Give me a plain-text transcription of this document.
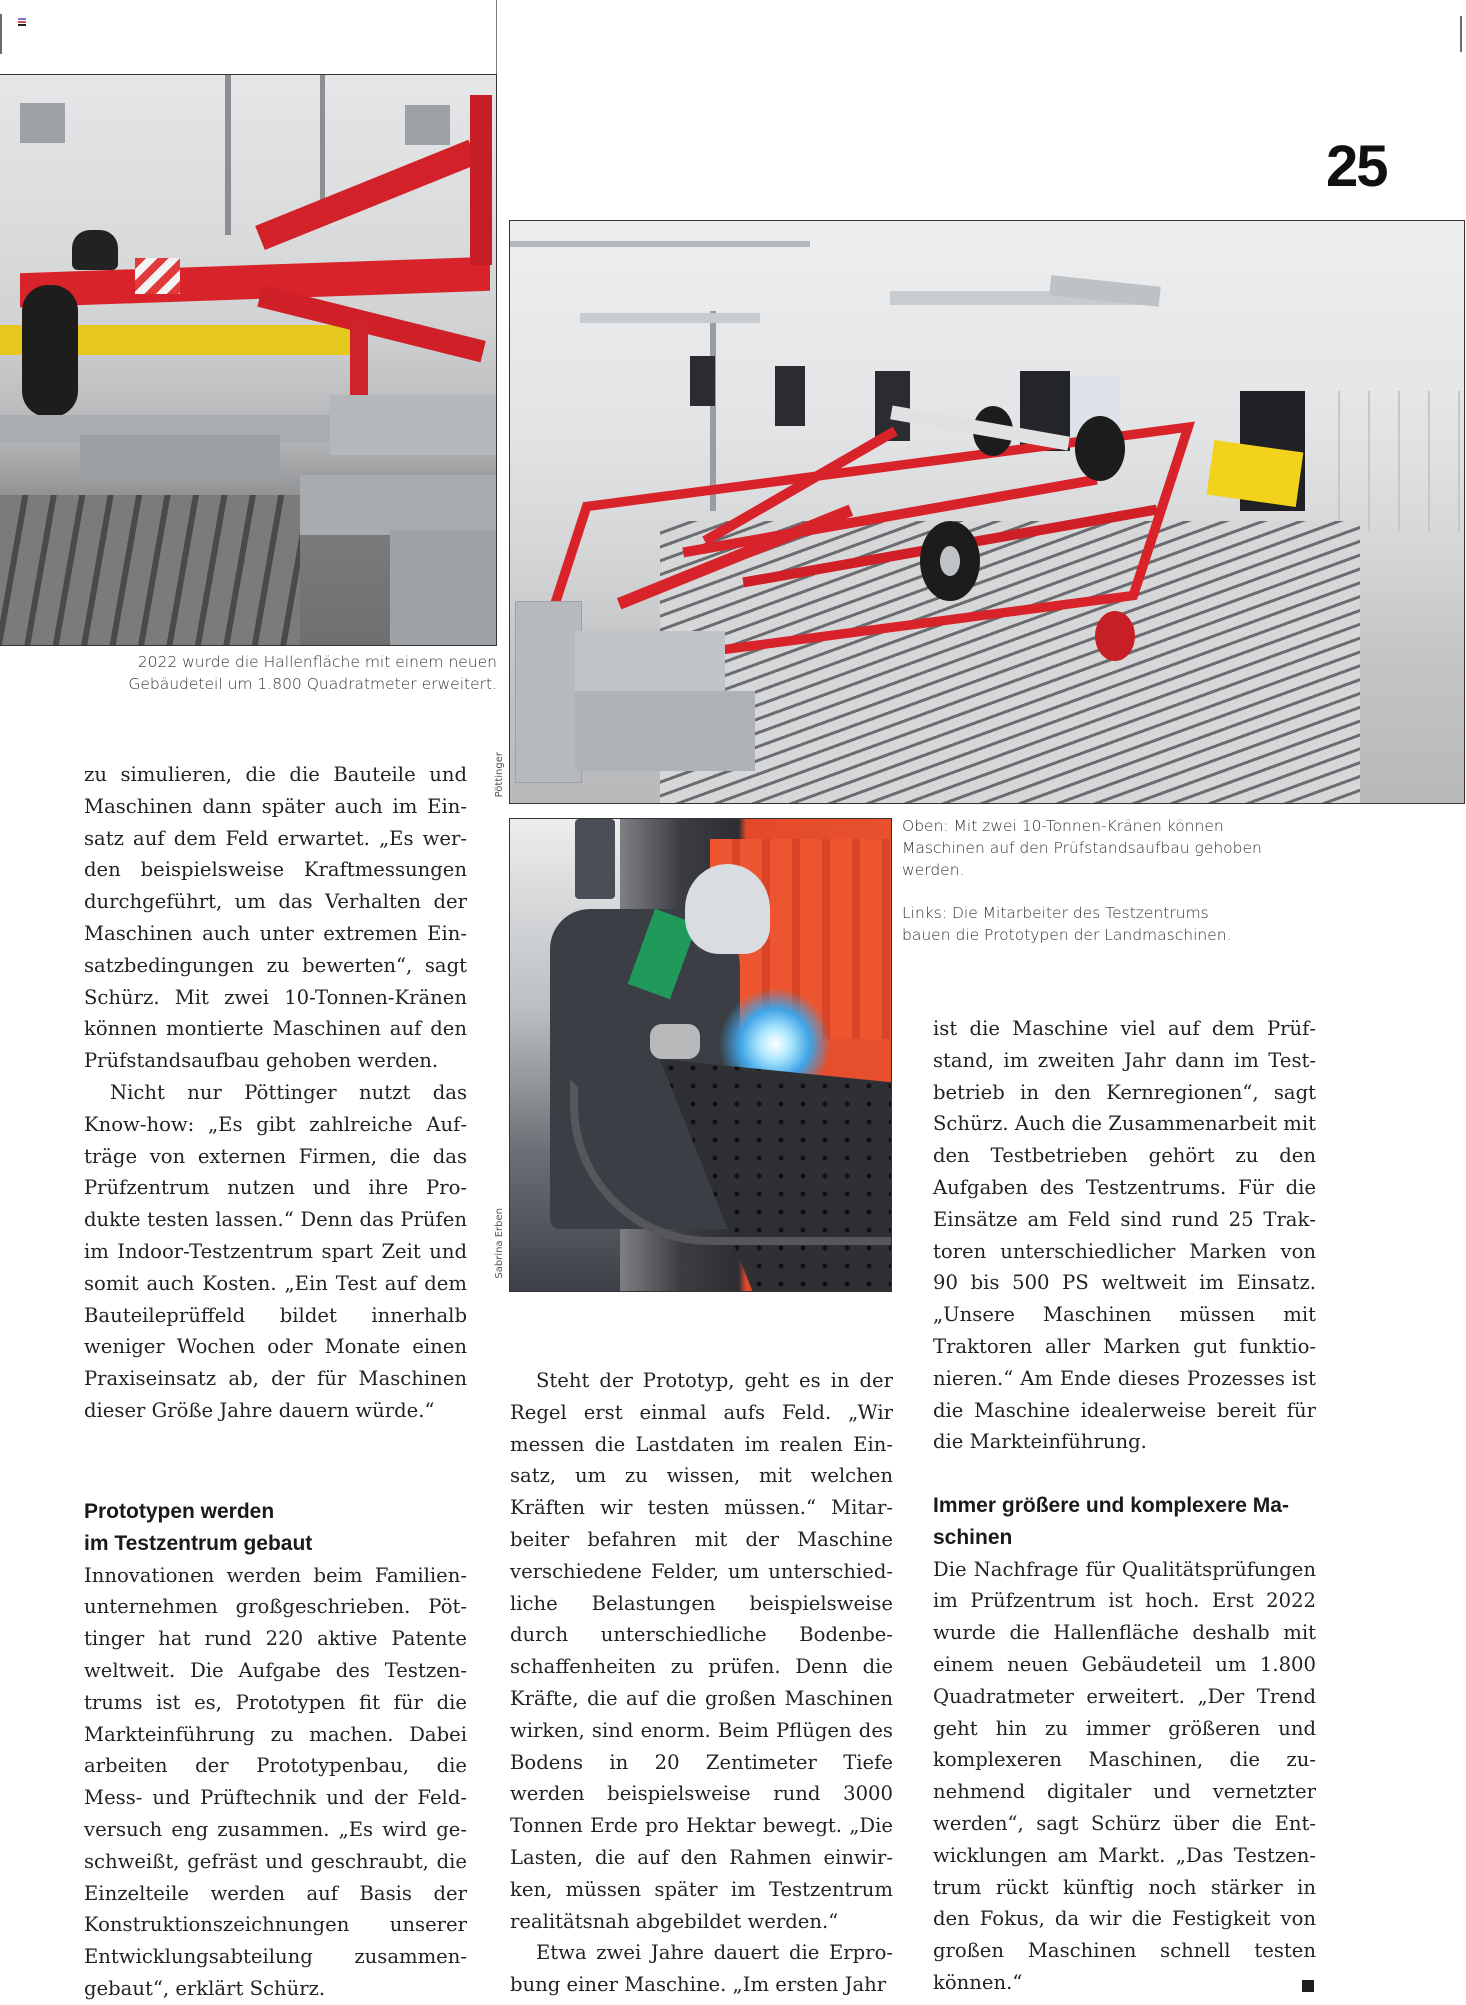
25
2022 wurde die Hallenfläche mit einem neuen Gebäudeteil um 1.800 Quadratmeter erweitert.
Pöttinger
Sabrina Erben

Oben: Mit zwei 10-Tonnen-Kränen können Maschinen auf den Prüfstandsaufbau gehoben werden.

Links: Die Mitarbeiter des Testzentrums bauen die Prototypen der Landmaschinen.

zu simulieren, die die Bauteile und Maschinen dann später auch im Einsatz auf dem Feld erwartet. „Es werden beispielsweise Kraftmessungen durchgeführt, um das Verhalten der Maschinen auch unter extremen Einsatzbedingungen zu bewerten“, sagt Schürz. Mit zwei 10-Tonnen-Kränen können montierte Maschinen auf den Prüfstandsaufbau gehoben werden.

Nicht nur Pöttinger nutzt das Know-how: „Es gibt zahlreiche Aufträge von externen Firmen, die das Prüfzentrum nutzen und ihre Produkte testen lassen.“ Denn das Prüfen im Indoor-Testzentrum spart Zeit und somit auch Kosten. „Ein Test auf dem Bauteileprüffeld bildet innerhalb weniger Wochen oder Monate einen Praxiseinsatz ab, der für Maschinen dieser Größe Jahre dauern würde.“

Prototypen werden
im Testzentrum gebaut

Innovationen werden beim Familienunternehmen großgeschrieben. Pöttinger hat rund 220 aktive Patente weltweit. Die Aufgabe des Testzentrums ist es, Prototypen fit für die Markteinführung zu machen. Dabei arbeiten der Prototypenbau, die Mess- und Prüftechnik und der Feldversuch eng zusammen. „Es wird geschweißt, gefräst und geschraubt, die Einzelteile werden auf Basis der Konstruktionszeichnungen unserer Entwicklungsabteilung zusammengebaut“, erklärt Schürz.

Steht der Prototyp, geht es in der Regel erst einmal aufs Feld. „Wir messen die Lastdaten im realen Einsatz, um zu wissen, mit welchen Kräften wir testen müssen.“ Mitarbeiter befahren mit der Maschine verschiedene Felder, um unterschiedliche Belastungen beispielsweise durch unterschiedliche Bodenbeschaffenheiten zu prüfen. Denn die Kräfte, die auf die großen Maschinen wirken, sind enorm. Beim Pflügen des Bodens in 20 Zentimeter Tiefe werden beispielsweise rund 3000 Tonnen Erde pro Hektar bewegt. „Die Lasten, die auf den Rahmen einwirken, müssen später im Testzentrum realitätsnah abgebildet werden.“

Etwa zwei Jahre dauert die Erprobung einer Maschine. „Im ersten Jahr

ist die Maschine viel auf dem Prüfstand, im zweiten Jahr dann im Testbetrieb in den Kernregionen“, sagt Schürz. Auch die Zusammenarbeit mit den Testbetrieben gehört zu den Aufgaben des Testzentrums. Für die Einsätze am Feld sind rund 25 Traktoren unterschiedlicher Marken von 90 bis 500 PS weltweit im Einsatz. „Unsere Maschinen müssen mit Traktoren aller Marken gut funktionieren.“ Am Ende dieses Prozesses ist die Maschine idealerweise bereit für die Markteinführung.

Immer größere und komplexere Maschinen

Die Nachfrage für Qualitätsprüfungen im Prüfzentrum ist hoch. Erst 2022 wurde die Hallenfläche deshalb mit einem neuen Gebäudeteil um 1.800 Quadratmeter erweitert. „Der Trend geht hin zu immer größeren und komplexeren Maschinen, die zunehmend digitaler und vernetzter werden“, sagt Schürz über die Entwicklungen am Markt. „Das Testzentrum rückt künftig noch stärker in den Fokus, da wir die Festigkeit von großen Maschinen schnell testen können.“
